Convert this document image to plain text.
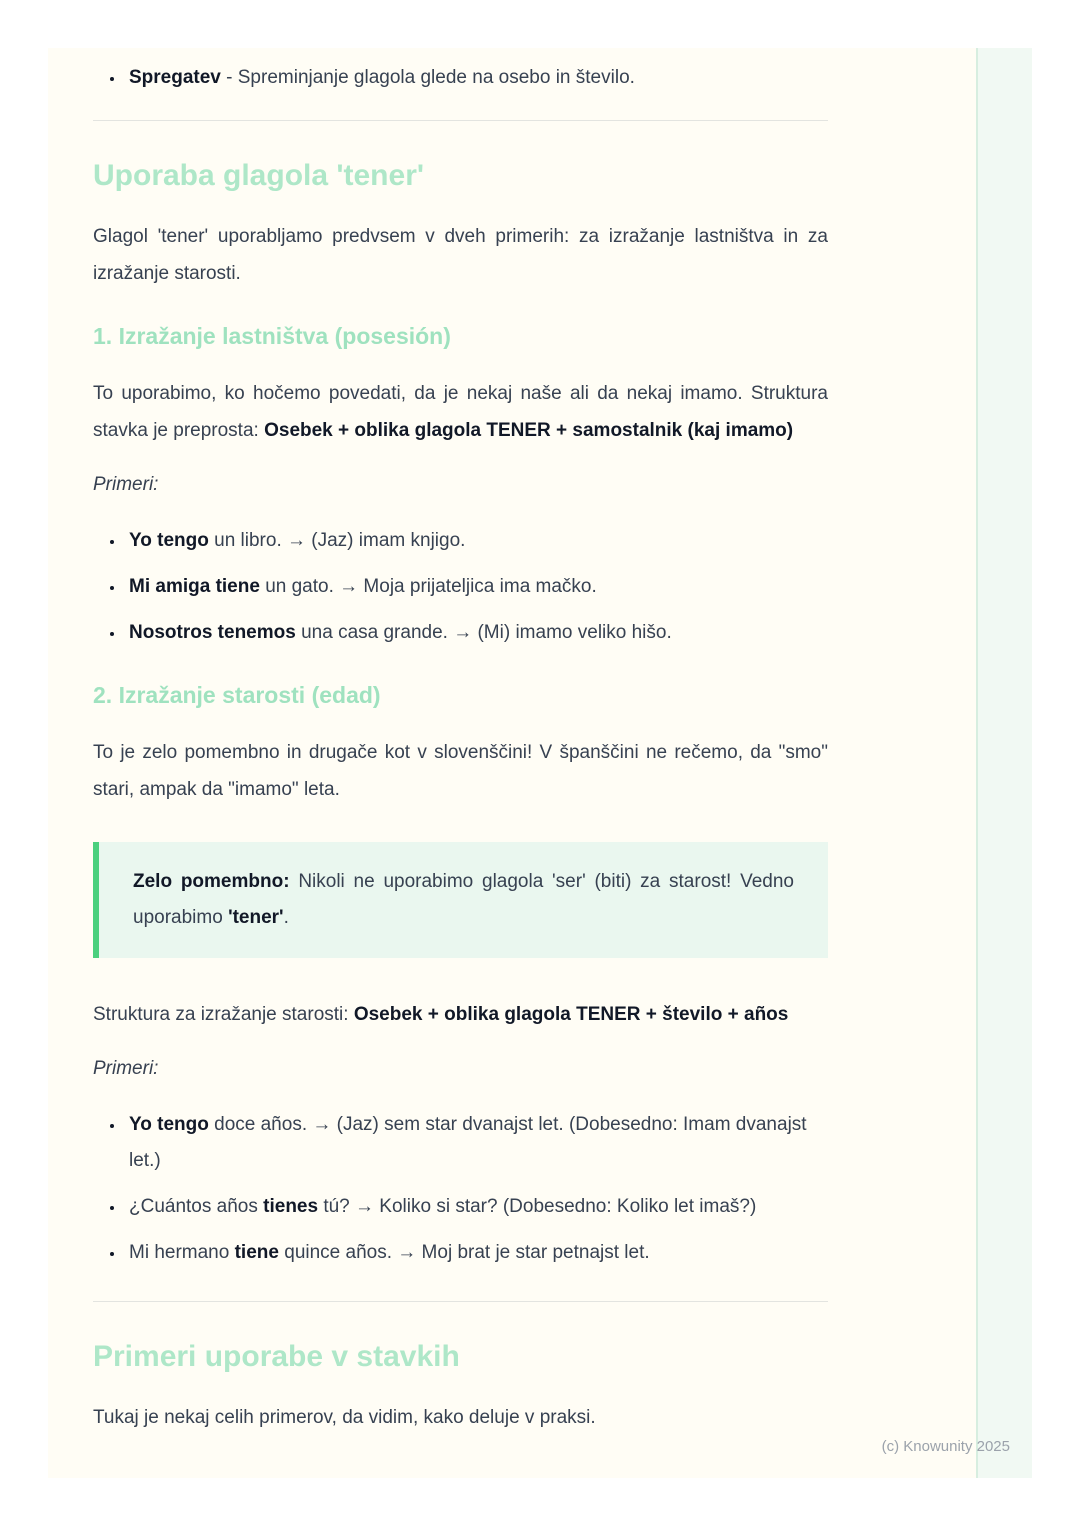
• Spregatev - Spreminjanje glagola glede na osebo in število.
Uporaba glagola 'tener'

Glagol 'tener' uporabljamo predvsem v dveh primerih: za izražanje lastništva in za izražanje starosti.

1. Izražanje lastništva (posesión)

To uporabimo, ko hočemo povedati, da je nekaj naše ali da nekaj imamo. Struktura stavka je preprosta: Osebek + oblika glagola TENER + samostalnik (kaj imamo)

Primeri:

• Yo tengo un libro. → (Jaz) imam knjigo.
• Mi amiga tiene un gato. → Moja prijateljica ima mačko.
• Nosotros tenemos una casa grande. → (Mi) imamo veliko hišo.
2. Izražanje starosti (edad)

To je zelo pomembno in drugače kot v slovenščini! V španščini ne rečemo, da "smo" stari, ampak da "imamo" leta.

Zelo pomembno: Nikoli ne uporabimo glagola 'ser' (biti) za starost! Vedno uporabimo 'tener'.

Struktura za izražanje starosti: Osebek + oblika glagola TENER + število + años

Primeri:

• Yo tengo doce años. → (Jaz) sem star dvanajst let. (Dobesedno: Imam dvanajst let.)
• ¿Cuántos años tienes tú? → Koliko si star? (Dobesedno: Koliko let imaš?)
• Mi hermano tiene quince años. → Moj brat je star petnajst let.
Primeri uporabe v stavkih

Tukaj je nekaj celih primerov, da vidim, kako deluje v praksi.

(c) Knowunity 2025
